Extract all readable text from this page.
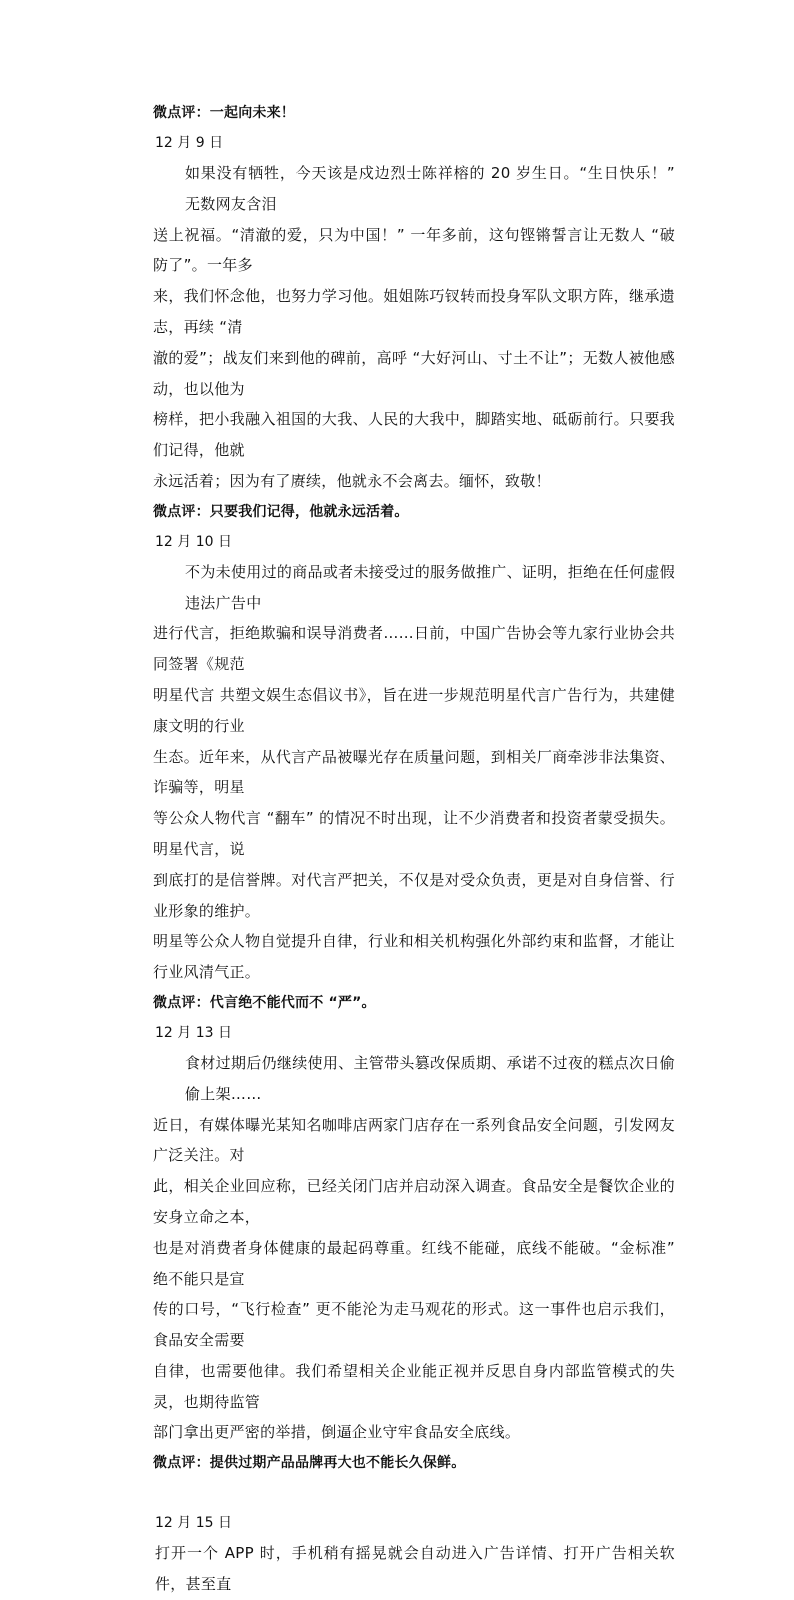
微点评：一起向未来！

12 月 9 日

如果没有牺牲，今天该是戍边烈士陈祥榕的 20 岁生日。“生日快乐！” 无数网友含泪
送上祝福。“清澈的爱，只为中国！” 一年多前，这句铿锵誓言让无数人 “破防了”。一年多
来，我们怀念他，也努力学习他。姐姐陈巧钗转而投身军队文职方阵，继承遗志，再续 “清
澈的爱”；战友们来到他的碑前，高呼 “大好河山、寸土不让”；无数人被他感动，也以他为
榜样，把小我融入祖国的大我、人民的大我中，脚踏实地、砥砺前行。只要我们记得，他就
永远活着；因为有了赓续，他就永不会离去。缅怀，致敬！

微点评：只要我们记得，他就永远活着。

12 月 10 日

不为未使用过的商品或者未接受过的服务做推广、证明，拒绝在任何虚假违法广告中
进行代言，拒绝欺骗和误导消费者……日前，中国广告协会等九家行业协会共同签署《规范
明星代言 共塑文娱生态倡议书》，旨在进一步规范明星代言广告行为，共建健康文明的行业
生态。近年来，从代言产品被曝光存在质量问题，到相关厂商牵涉非法集资、诈骗等，明星
等公众人物代言 “翻车” 的情况不时出现，让不少消费者和投资者蒙受损失。明星代言，说
到底打的是信誉牌。对代言严把关，不仅是对受众负责，更是对自身信誉、行业形象的维护。
明星等公众人物自觉提升自律，行业和相关机构强化外部约束和监督，才能让行业风清气正。

微点评：代言绝不能代而不 “严”。

12 月 13 日

食材过期后仍继续使用、主管带头篡改保质期、承诺不过夜的糕点次日偷偷上架……
近日，有媒体曝光某知名咖啡店两家门店存在一系列食品安全问题，引发网友广泛关注。对
此，相关企业回应称，已经关闭门店并启动深入调查。食品安全是餐饮企业的安身立命之本，
也是对消费者身体健康的最起码尊重。红线不能碰，底线不能破。“金标准” 绝不能只是宣
传的口号，“飞行检查” 更不能沦为走马观花的形式。这一事件也启示我们，食品安全需要
自律，也需要他律。我们希望相关企业能正视并反思自身内部监管模式的失灵，也期待监管
部门拿出更严密的举措，倒逼企业守牢食品安全底线。

微点评：提供过期产品品牌再大也不能长久保鲜。

12 月 15 日

打开一个 APP 时，手机稍有摇晃就会自动进入广告详情、打开广告相关软件，甚至直
